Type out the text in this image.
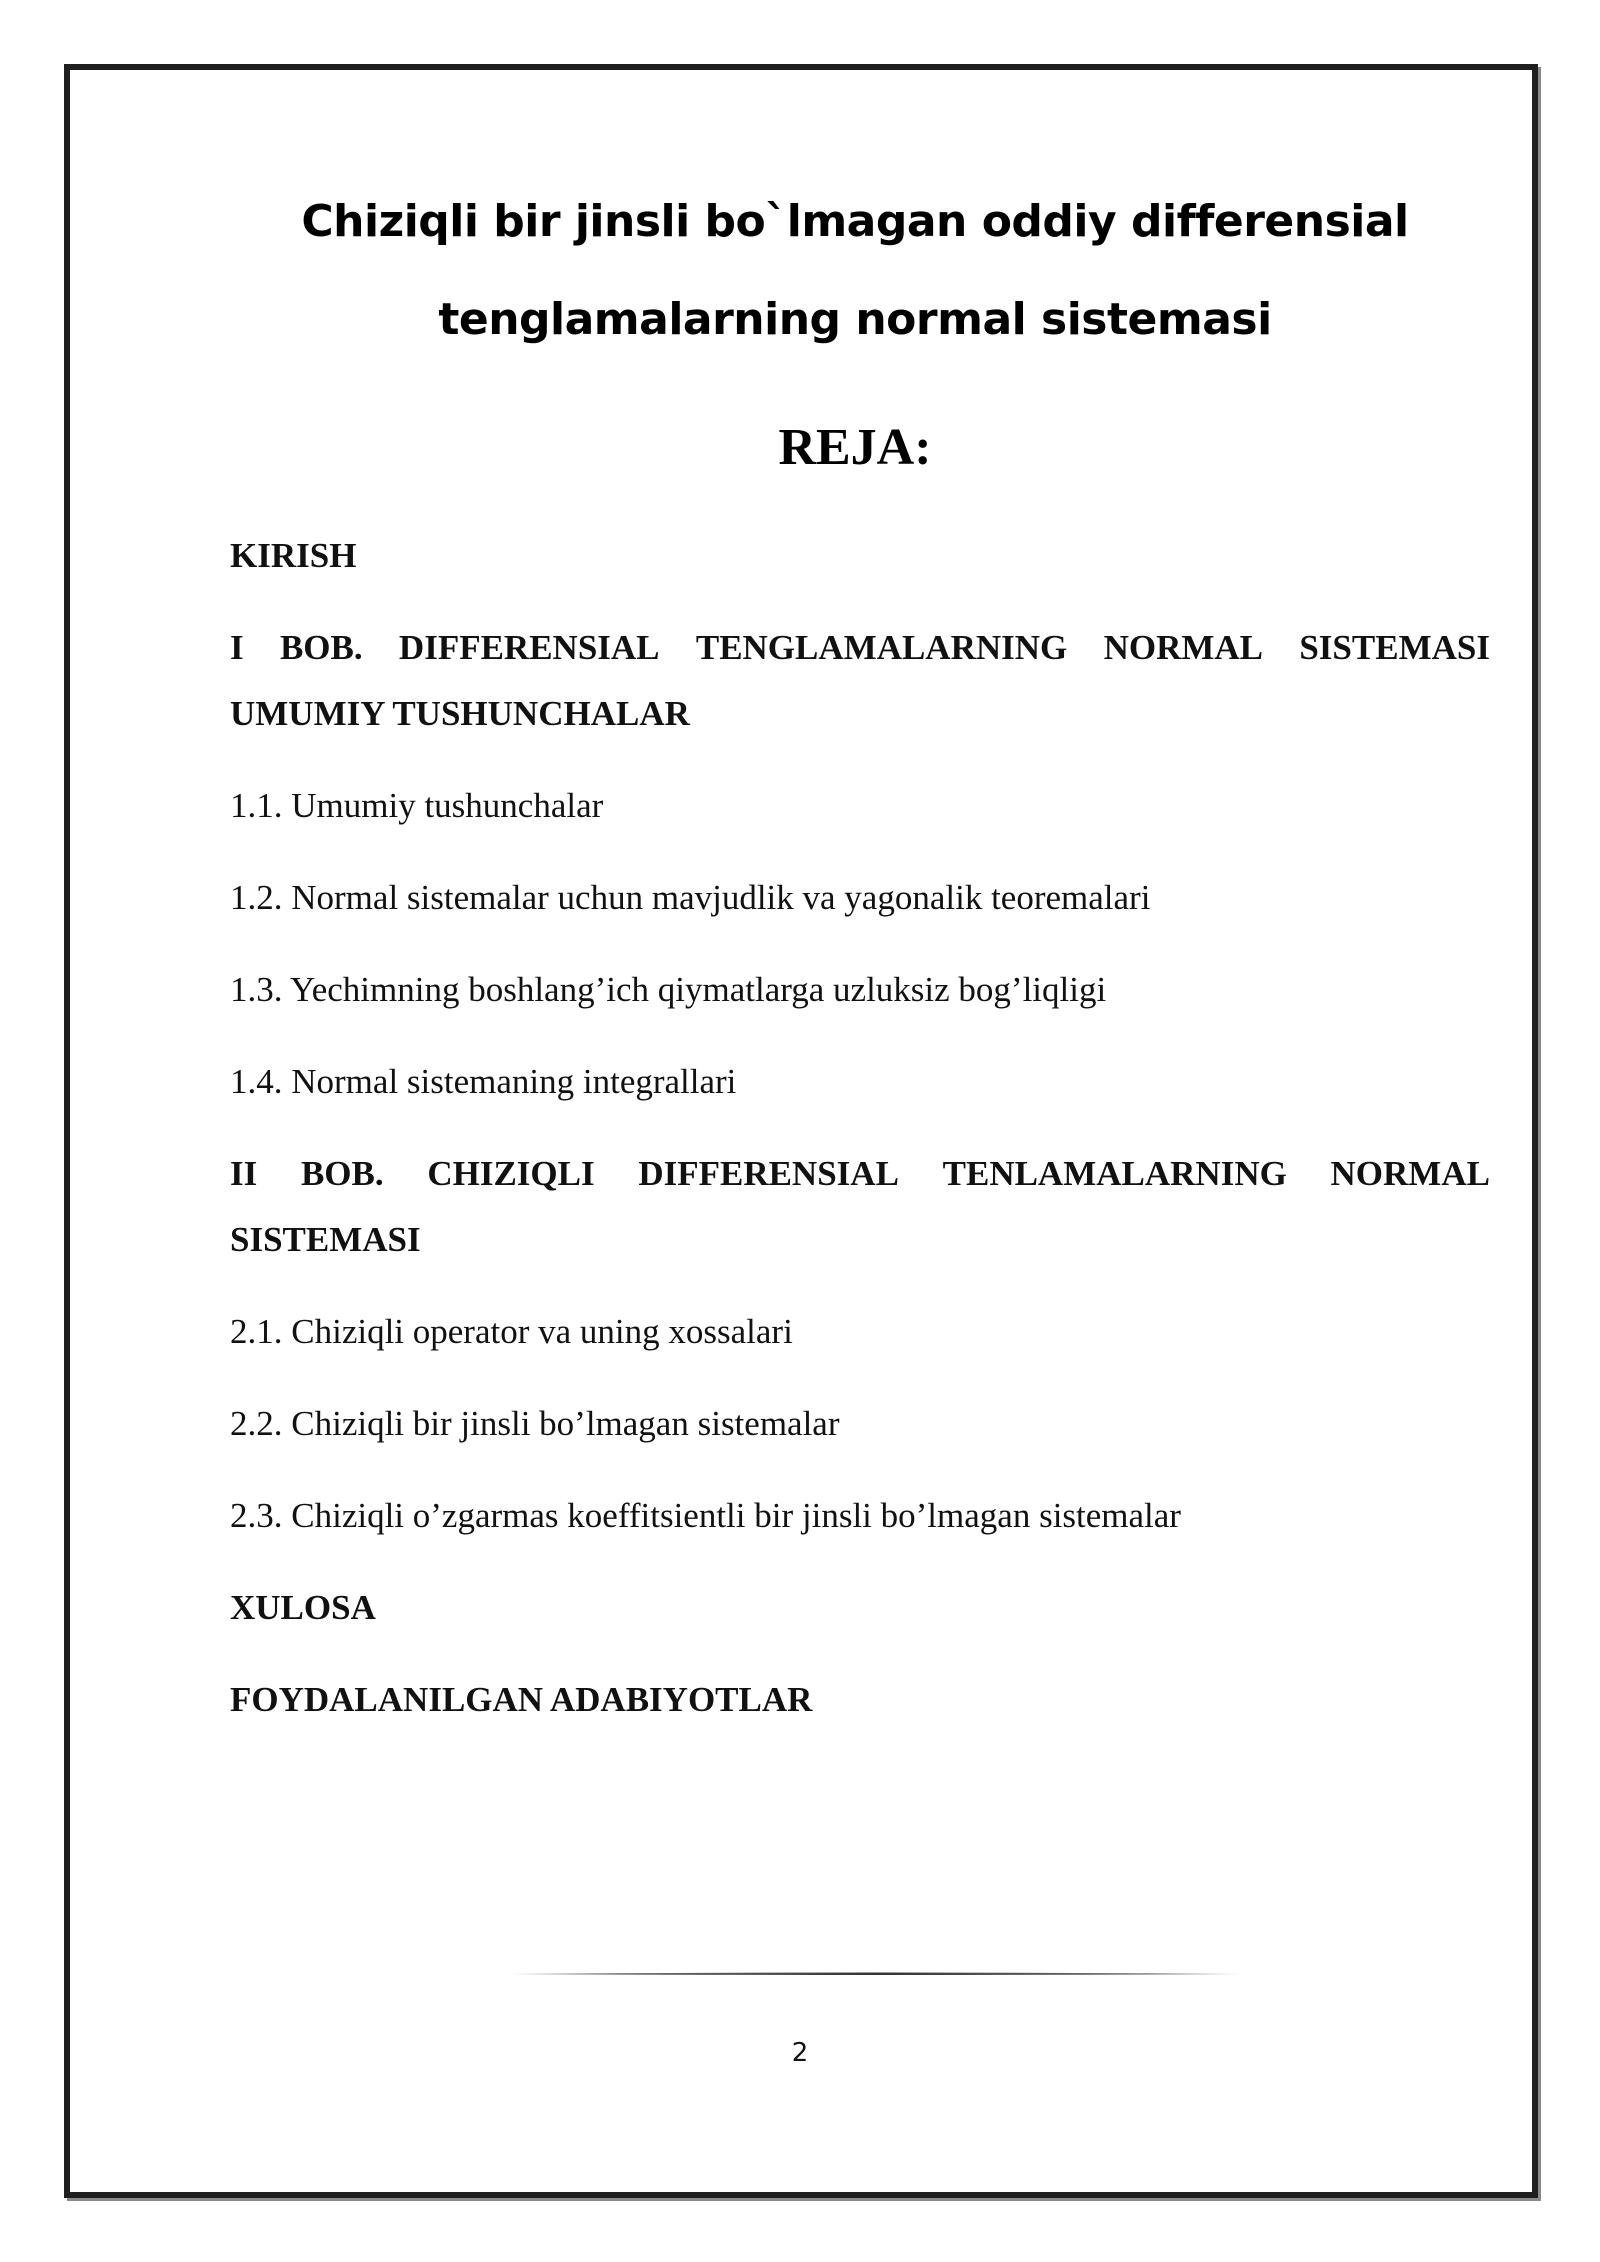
Chiziqli bir jinsli bo`lmagan oddiy differensial
tenglamalarning normal sistemasi
REJA:
KIRISH
I BOB. DIFFERENSIAL TENGLAMALARNING NORMAL SISTEMASI
UMUMIY TUSHUNCHALAR
1.1. Umumiy tushunchalar
1.2. Normal sistemalar uchun mavjudlik va yagonalik teoremalari
1.3. Yechimning boshlang’ich qiymatlarga uzluksiz bog’liqligi
1.4. Normal sistemaning integrallari
II BOB. CHIZIQLI DIFFERENSIAL TENLAMALARNING NORMAL
SISTEMASI
2.1. Chiziqli operator va uning xossalari
2.2. Chiziqli bir jinsli bo’lmagan sistemalar
2.3. Chiziqli o’zgarmas koeffitsientli bir jinsli bo’lmagan sistemalar
XULOSA
FOYDALANILGAN ADABIYOTLAR
2
